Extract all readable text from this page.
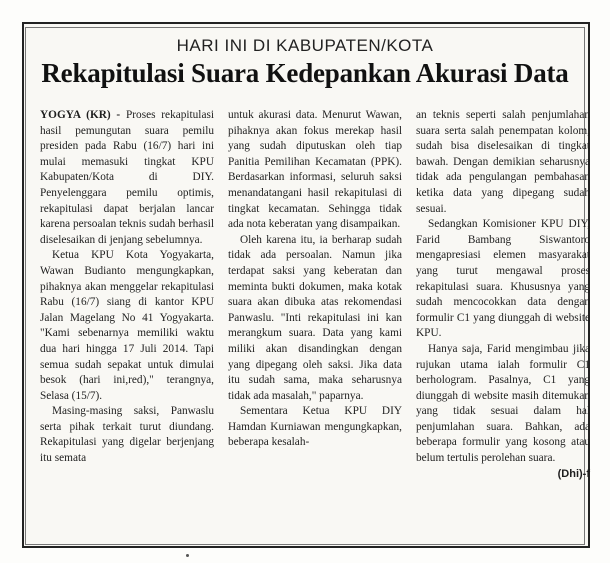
HARI INI DI KABUPATEN/KOTA
Rekapitulasi Suara Kedepankan Akurasi Data

YOGYA (KR) - Proses rekapitulasi hasil pemungutan suara pemilu presiden pada Rabu (16/7) hari ini mulai memasuki tingkat KPU Kabupaten/Kota di DIY. Penyelenggara pemilu optimis, rekapitulasi dapat berjalan lancar karena persoalan teknis sudah berhasil diselesaikan di jenjang sebelumnya.

Ketua KPU Kota Yogyakarta, Wawan Budianto mengungkapkan, pihaknya akan menggelar rekapitulasi Rabu (16/7) siang di kantor KPU Jalan Magelang No 41 Yogyakarta. "Kami sebenarnya memiliki waktu dua hari hingga 17 Juli 2014. Tapi semua sudah sepakat untuk dimulai besok (hari ini,red)," terangnya, Selasa (15/7).

Masing-masing saksi, Panwaslu serta pihak terkait turut diundang. Rekapitulasi yang digelar berjenjang itu semata

untuk akurasi data. Menurut Wawan, pihaknya akan fokus merekap hasil yang sudah diputuskan oleh tiap Panitia Pemilihan Kecamatan (PPK). Berdasarkan informasi, seluruh saksi menandatangani hasil rekapitulasi di tingkat kecamatan. Sehingga tidak ada nota keberatan yang disampaikan.

Oleh karena itu, ia berharap sudah tidak ada persoalan. Namun jika terdapat saksi yang keberatan dan meminta bukti dokumen, maka kotak suara akan dibuka atas rekomendasi Panwaslu. "Inti rekapitulasi ini kan merangkum suara. Data yang kami miliki akan disandingkan dengan yang dipegang oleh saksi. Jika data itu sudah sama, maka seharusnya tidak ada masalah," paparnya.

Sementara Ketua KPU DIY Hamdan Kurniawan mengungkapkan, beberapa kesalah-

an teknis seperti salah penjumlahan suara serta salah penempatan kolom, sudah bisa diselesaikan di tingkat bawah. Dengan demikian seharusnya tidak ada pengulangan pembahasan ketika data yang dipegang sudah sesuai.

Sedangkan Komisioner KPU DIY, Farid Bambang Siswantoro mengapresiasi elemen masyarakat yang turut mengawal proses rekapitulasi suara. Khususnya yang sudah mencocokkan data dengan formulir C1 yang diunggah di website KPU.

Hanya saja, Farid mengimbau jika rujukan utama ialah formulir C1 berhologram. Pasalnya, C1 yang diunggah di website masih ditemukan yang tidak sesuai dalam hal penjumlahan suara. Bahkan, ada beberapa formulir yang kosong atau belum tertulis perolehan suara.

(Dhi)-f
